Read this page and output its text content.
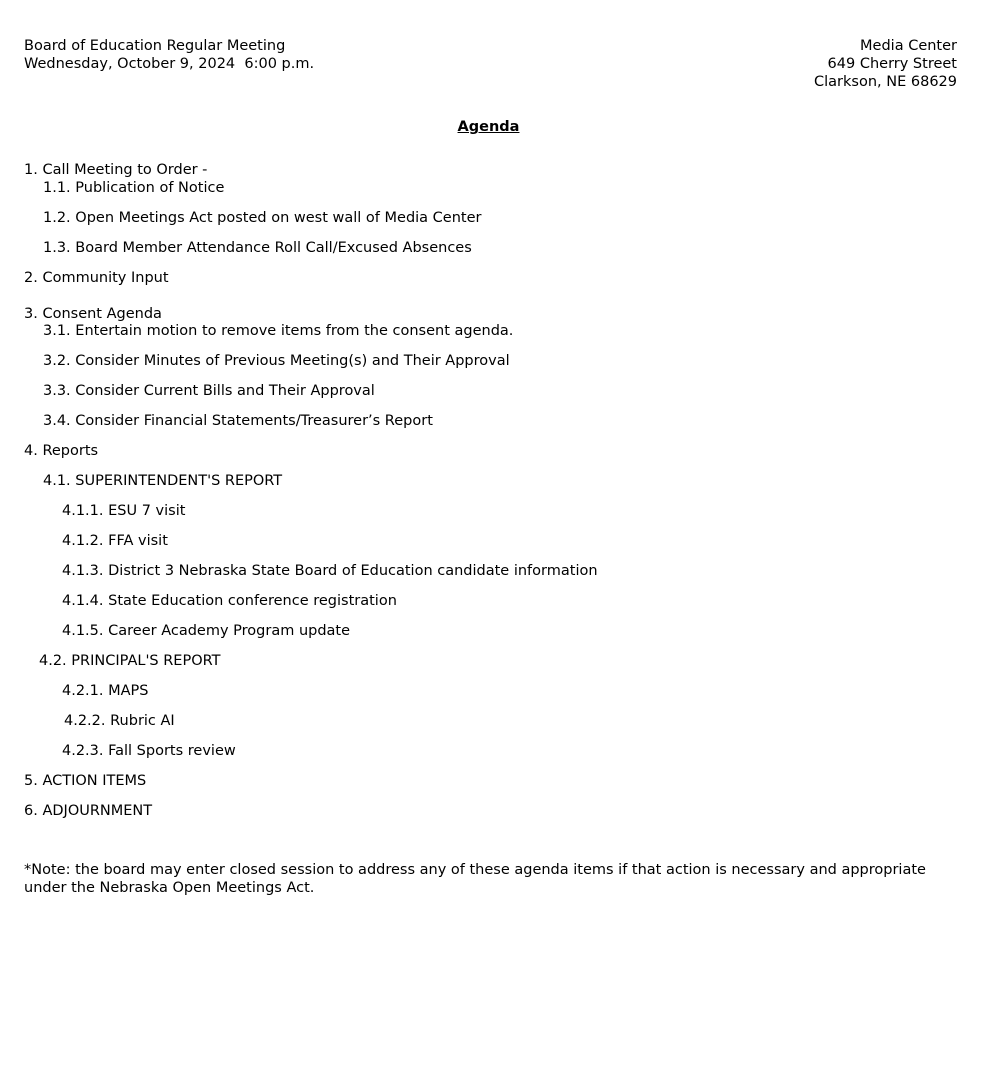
Board of Education Regular Meeting
Wednesday, October 9, 2024  6:00 p.m.
Media Center
649 Cherry Street
Clarkson, NE 68629
Agenda
1. Call Meeting to Order -
1.1. Publication of Notice
1.2. Open Meetings Act posted on west wall of Media Center
1.3. Board Member Attendance Roll Call/Excused Absences
2. Community Input
3. Consent Agenda
3.1. Entertain motion to remove items from the consent agenda.
3.2. Consider Minutes of Previous Meeting(s) and Their Approval
3.3. Consider Current Bills and Their Approval
3.4. Consider Financial Statements/Treasurer’s Report
4. Reports
4.1. SUPERINTENDENT'S REPORT
4.1.1. ESU 7 visit
4.1.2. FFA visit
4.1.3. District 3 Nebraska State Board of Education candidate information
4.1.4. State Education conference registration
4.1.5. Career Academy Program update
4.2. PRINCIPAL'S REPORT
4.2.1. MAPS
4.2.2. Rubric AI
4.2.3. Fall Sports review
5. ACTION ITEMS
6. ADJOURNMENT
*Note: the board may enter closed session to address any of these agenda items if that action is necessary and appropriate under the Nebraska Open Meetings Act.
